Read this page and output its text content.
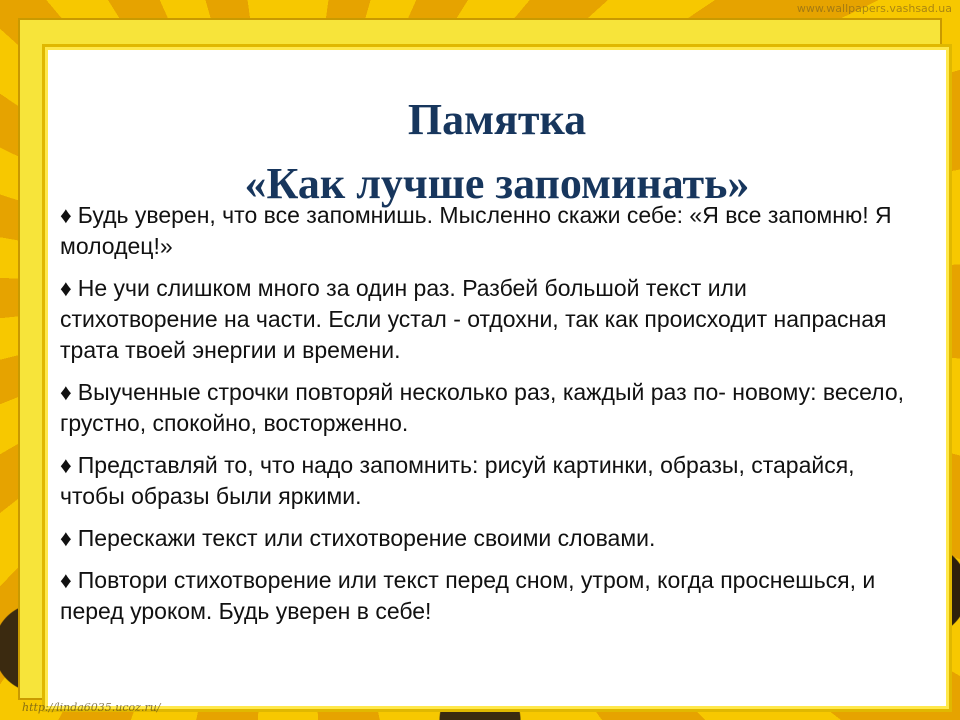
www.wallpapers.vashsad.ua
Памятка
«Как лучше запоминать»
♦ Будь уверен, что все запомнишь. Мысленно скажи себе: «Я все запомню! Я молодец!»
♦ Не учи слишком много за один раз. Разбей большой текст или стихотворение на части. Если устал - отдохни, так как происходит напрасная трата твоей энергии и времени.
♦ Выученные строчки повторяй несколько раз, каждый раз по- новому: весело, грустно, спокойно, восторженно.
♦ Представляй то, что надо запомнить: рисуй картинки, образы, старайся, чтобы образы были яркими.
♦ Перескажи текст или стихотворение своими словами.
♦ Повтори стихотворение или текст перед сном, утром, когда проснешься, и перед уроком. Будь уверен в себе!
http://linda6035.ucoz.ru/
